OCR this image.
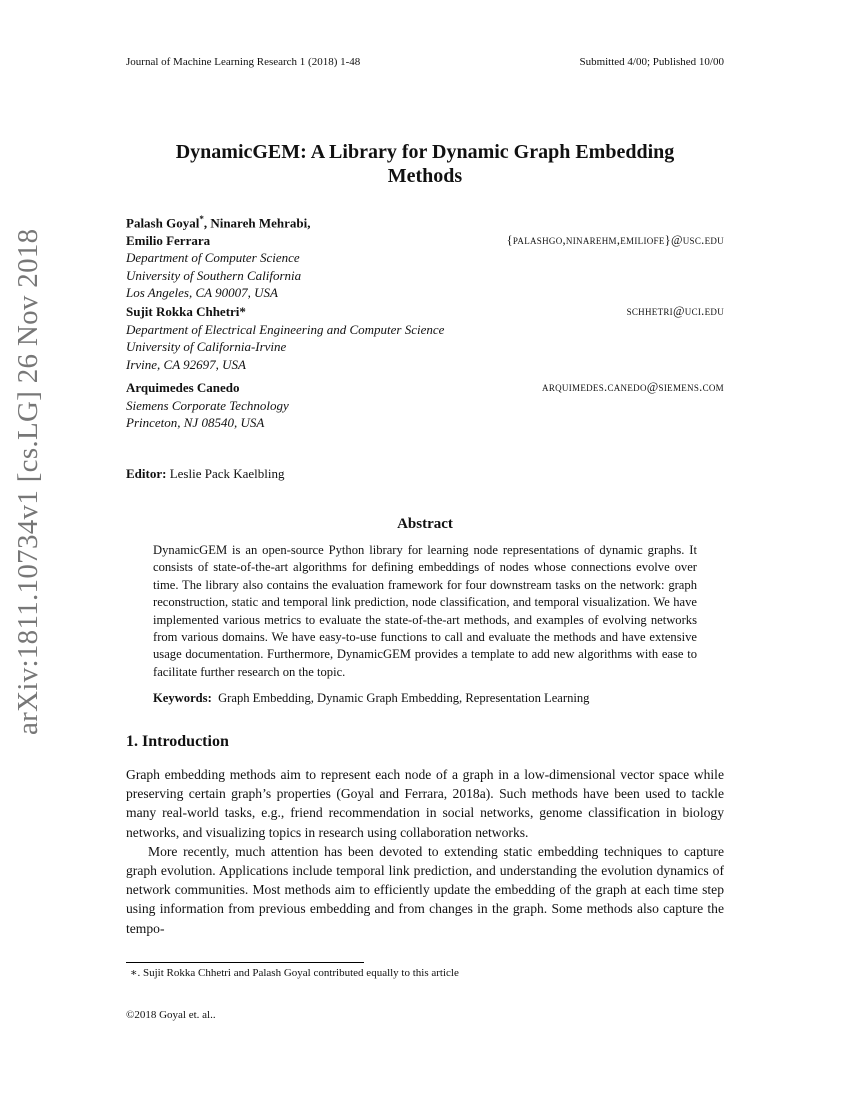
arXiv:1811.10734v1 [cs.LG] 26 Nov 2018
Journal of Machine Learning Research 1 (2018) 1-48	Submitted 4/00; Published 10/00
DynamicGEM: A Library for Dynamic Graph Embedding
Methods
Palash Goyal*, Ninareh Mehrabi,
Emilio Ferrara	{palashgo,ninarehm,emiliofe}@usc.edu
Department of Computer Science
University of Southern California
Los Angeles, CA 90007, USA
Sujit Rokka Chhetri*	schhetri@uci.edu
Department of Electrical Engineering and Computer Science
University of California-Irvine
Irvine, CA 92697, USA
Arquimedes Canedo	arquimedes.canedo@siemens.com
Siemens Corporate Technology
Princeton, NJ 08540, USA
Editor: Leslie Pack Kaelbling
Abstract
DynamicGEM is an open-source Python library for learning node representations of dynamic graphs. It consists of state-of-the-art algorithms for defining embeddings of nodes whose connections evolve over time. The library also contains the evaluation framework for four downstream tasks on the network: graph reconstruction, static and temporal link prediction, node classification, and temporal visualization. We have implemented various metrics to evaluate the state-of-the-art methods, and examples of evolving networks from various domains. We have easy-to-use functions to call and evaluate the methods and have extensive usage documentation. Furthermore, DynamicGEM provides a template to add new algorithms with ease to facilitate further research on the topic.
Keywords: Graph Embedding, Dynamic Graph Embedding, Representation Learning
1. Introduction

Graph embedding methods aim to represent each node of a graph in a low-dimensional vector space while preserving certain graph’s properties (Goyal and Ferrara, 2018a). Such methods have been used to tackle many real-world tasks, e.g., friend recommendation in social networks, genome classification in biology networks, and visualizing topics in research using collaboration networks.

More recently, much attention has been devoted to extending static embedding techniques to capture graph evolution. Applications include temporal link prediction, and understanding the evolution dynamics of network communities. Most methods aim to efficiently update the embedding of the graph at each time step using information from previous embedding and from changes in the graph. Some methods also capture the tempo-

∗. Sujit Rokka Chhetri and Palash Goyal contributed equally to this article
©2018 Goyal et. al..
